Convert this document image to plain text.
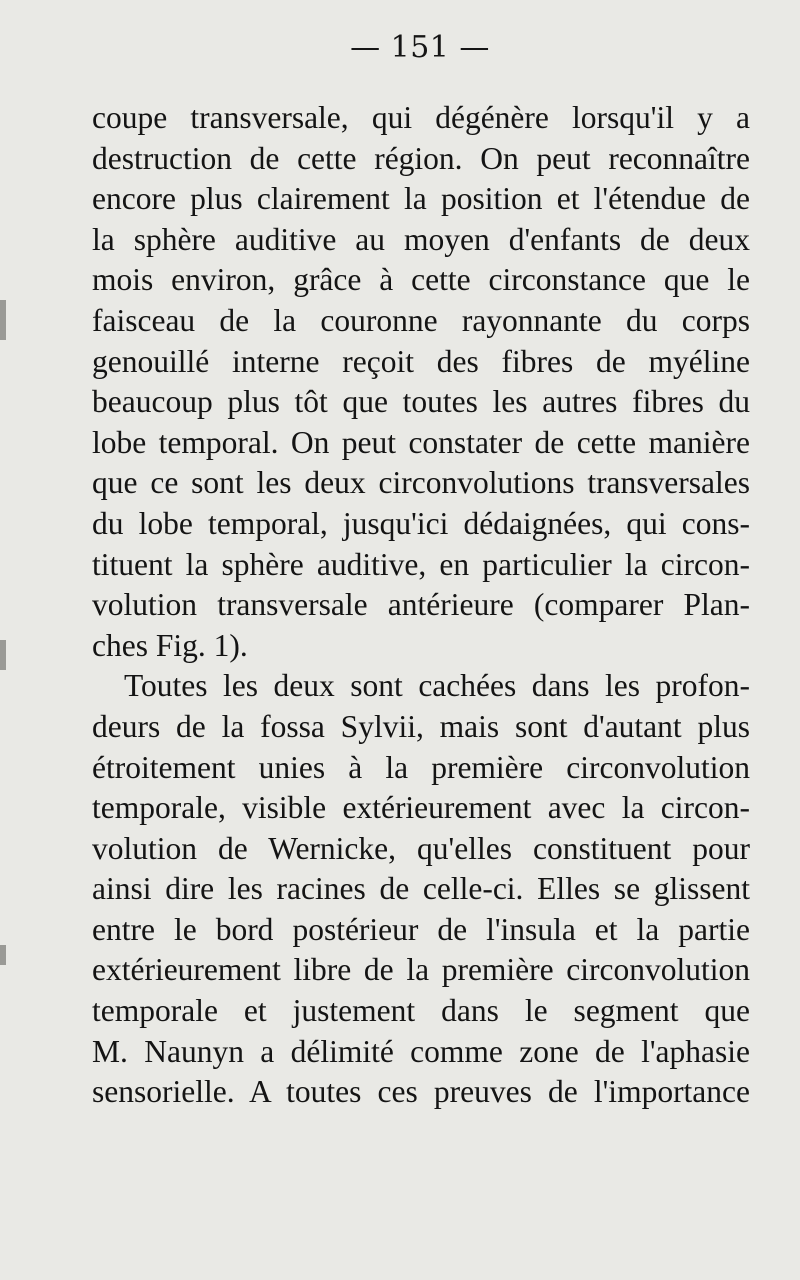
— 151 —
coupe transversale, qui dégénère lorsqu'il y a
destruction de cette région. On peut reconnaître
encore plus clairement la position et l'étendue de
la sphère auditive au moyen d'enfants de deux
mois environ, grâce à cette circonstance que le
faisceau de la couronne rayonnante du corps
genouillé interne reçoit des fibres de myéline
beaucoup plus tôt que toutes les autres fibres du
lobe temporal. On peut constater de cette manière
que ce sont les deux circonvolutions transversales
du lobe temporal, jusqu'ici dédaignées, qui cons-
tituent la sphère auditive, en particulier la circon-
volution transversale antérieure (comparer Plan-
ches Fig. 1).
Toutes les deux sont cachées dans les profon-
deurs de la fossa Sylvii, mais sont d'autant plus
étroitement unies à la première circonvolution
temporale, visible extérieurement avec la circon-
volution de Wernicke, qu'elles constituent pour
ainsi dire les racines de celle-ci. Elles se glissent
entre le bord postérieur de l'insula et la partie
extérieurement libre de la première circonvolution
temporale et justement dans le segment que
M. Naunyn a délimité comme zone de l'aphasie
sensorielle. A toutes ces preuves de l'importance
